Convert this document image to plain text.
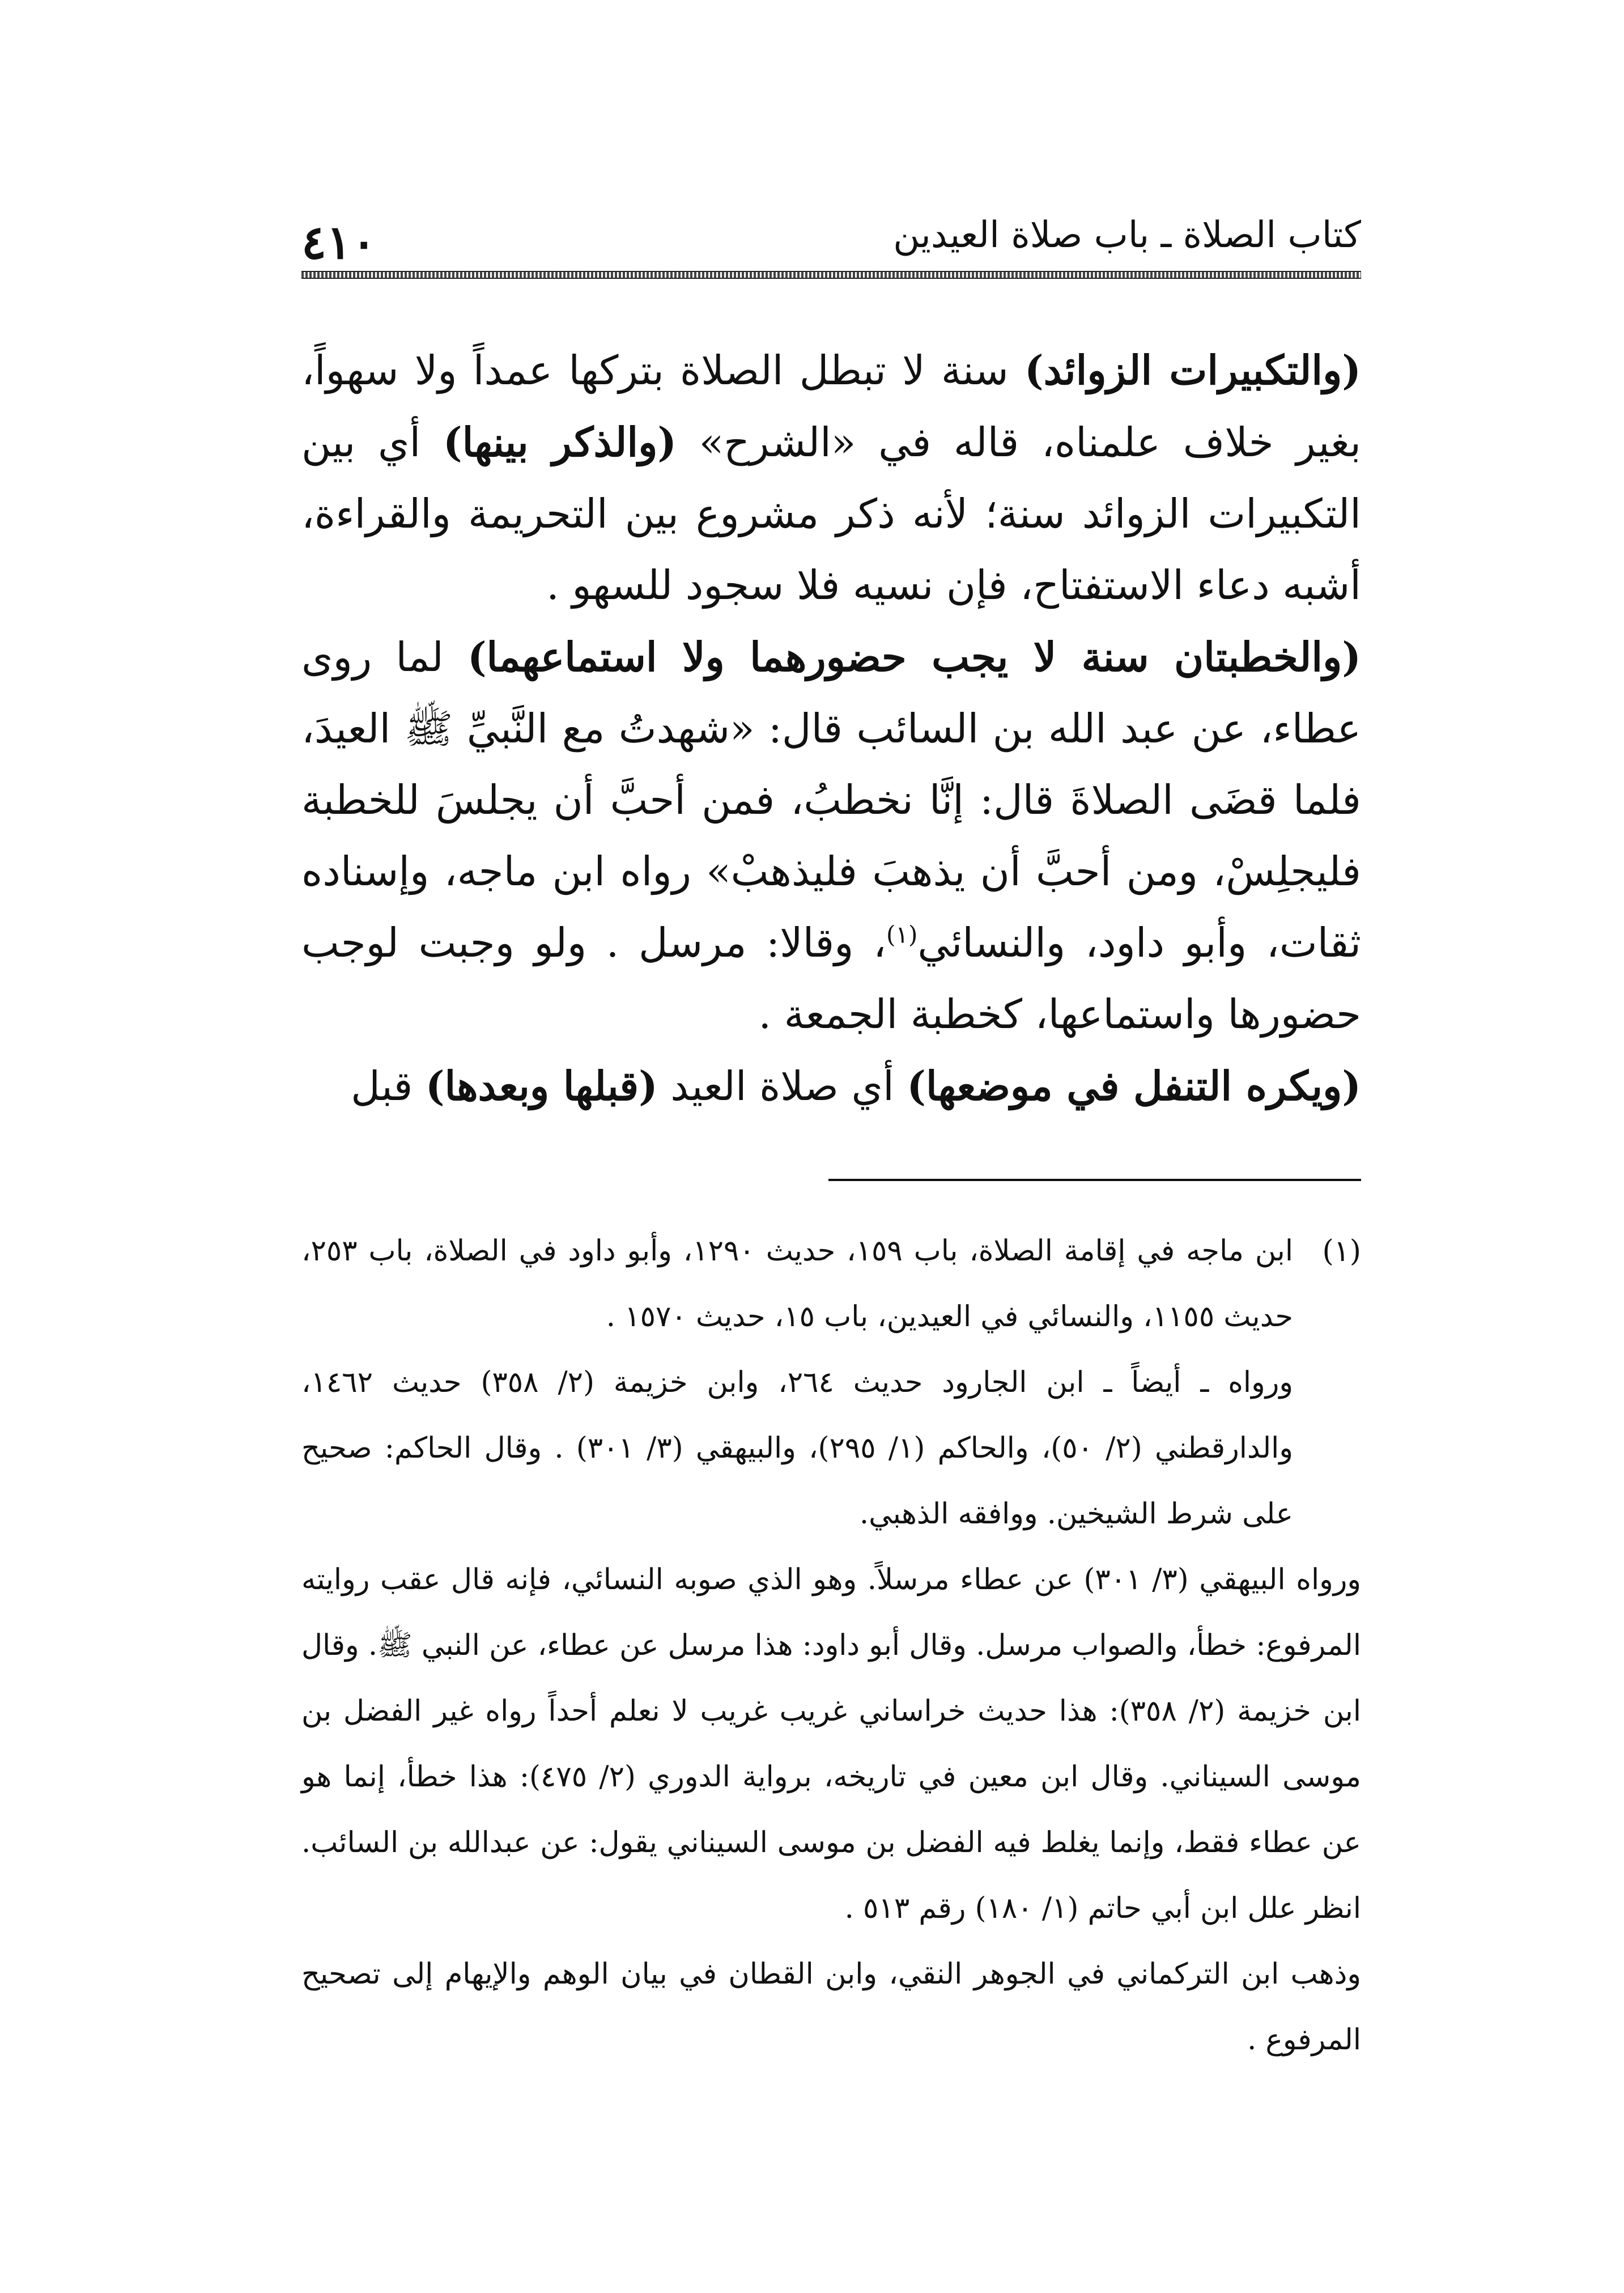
٤١٠	كتاب الصلاة ـ باب صلاة العيدين

(والتكبيرات الزوائد) سنة لا تبطل الصلاة بتركها عمداً ولا سهواً، بغير خلاف علمناه، قاله في «الشرح» (والذكر بينها) أي بين التكبيرات الزوائد سنة؛ لأنه ذكر مشروع بين التحريمة والقراءة، أشبه دعاء الاستفتاح، فإن نسيه فلا سجود للسهو .

(والخطبتان سنة لا يجب حضورهما ولا استماعهما) لما روى عطاء، عن عبد الله بن السائب قال: «شهدتُ مع النَّبيِّ ﷺ العيدَ، فلما قضَى الصلاةَ قال: إنَّا نخطبُ، فمن أحبَّ أن يجلسَ للخطبة فليجلِسْ، ومن أحبَّ أن يذهبَ فليذهبْ» رواه ابن ماجه، وإسناده ثقات، وأبو داود، والنسائي$^{(١)}$، وقالا: مرسل . ولو وجبت لوجب حضورها واستماعها، كخطبة الجمعة .

(ويكره التنفل في موضعها) أي صلاة العيد (قبلها وبعدها) قبل

(١)

ابن ماجه في إقامة الصلاة، باب ١٥٩، حديث ١٢٩٠، وأبو داود في الصلاة، باب ٢٥٣، حديث ١١٥٥، والنسائي في العيدين، باب ١٥، حديث ١٥٧٠ .

ورواه ـ أيضاً ـ ابن الجارود حديث ٢٦٤، وابن خزيمة (٢/ ٣٥٨) حديث ١٤٦٢، والدارقطني (٢/ ٥٠)، والحاكم (١/ ٢٩٥)، والبيهقي (٣/ ٣٠١) . وقال الحاكم: صحيح على شرط الشيخين. ووافقه الذهبي.

ورواه البيهقي (٣/ ٣٠١) عن عطاء مرسلاً. وهو الذي صوبه النسائي، فإنه قال عقب روايته المرفوع: خطأ، والصواب مرسل. وقال أبو داود: هذا مرسل عن عطاء، عن النبي ﷺ. وقال ابن خزيمة (٢/ ٣٥٨): هذا حديث خراساني غريب غريب لا نعلم أحداً رواه غير الفضل بن موسى السيناني. وقال ابن معين في تاريخه، برواية الدوري (٢/ ٤٧٥): هذا خطأ، إنما هو عن عطاء فقط، وإنما يغلط فيه الفضل بن موسى السيناني يقول: عن عبدالله بن السائب. انظر علل ابن أبي حاتم (١/ ١٨٠) رقم ٥١٣ .

وذهب ابن التركماني في الجوهر النقي، وابن القطان في بيان الوهم والإيهام إلى تصحيح المرفوع .
